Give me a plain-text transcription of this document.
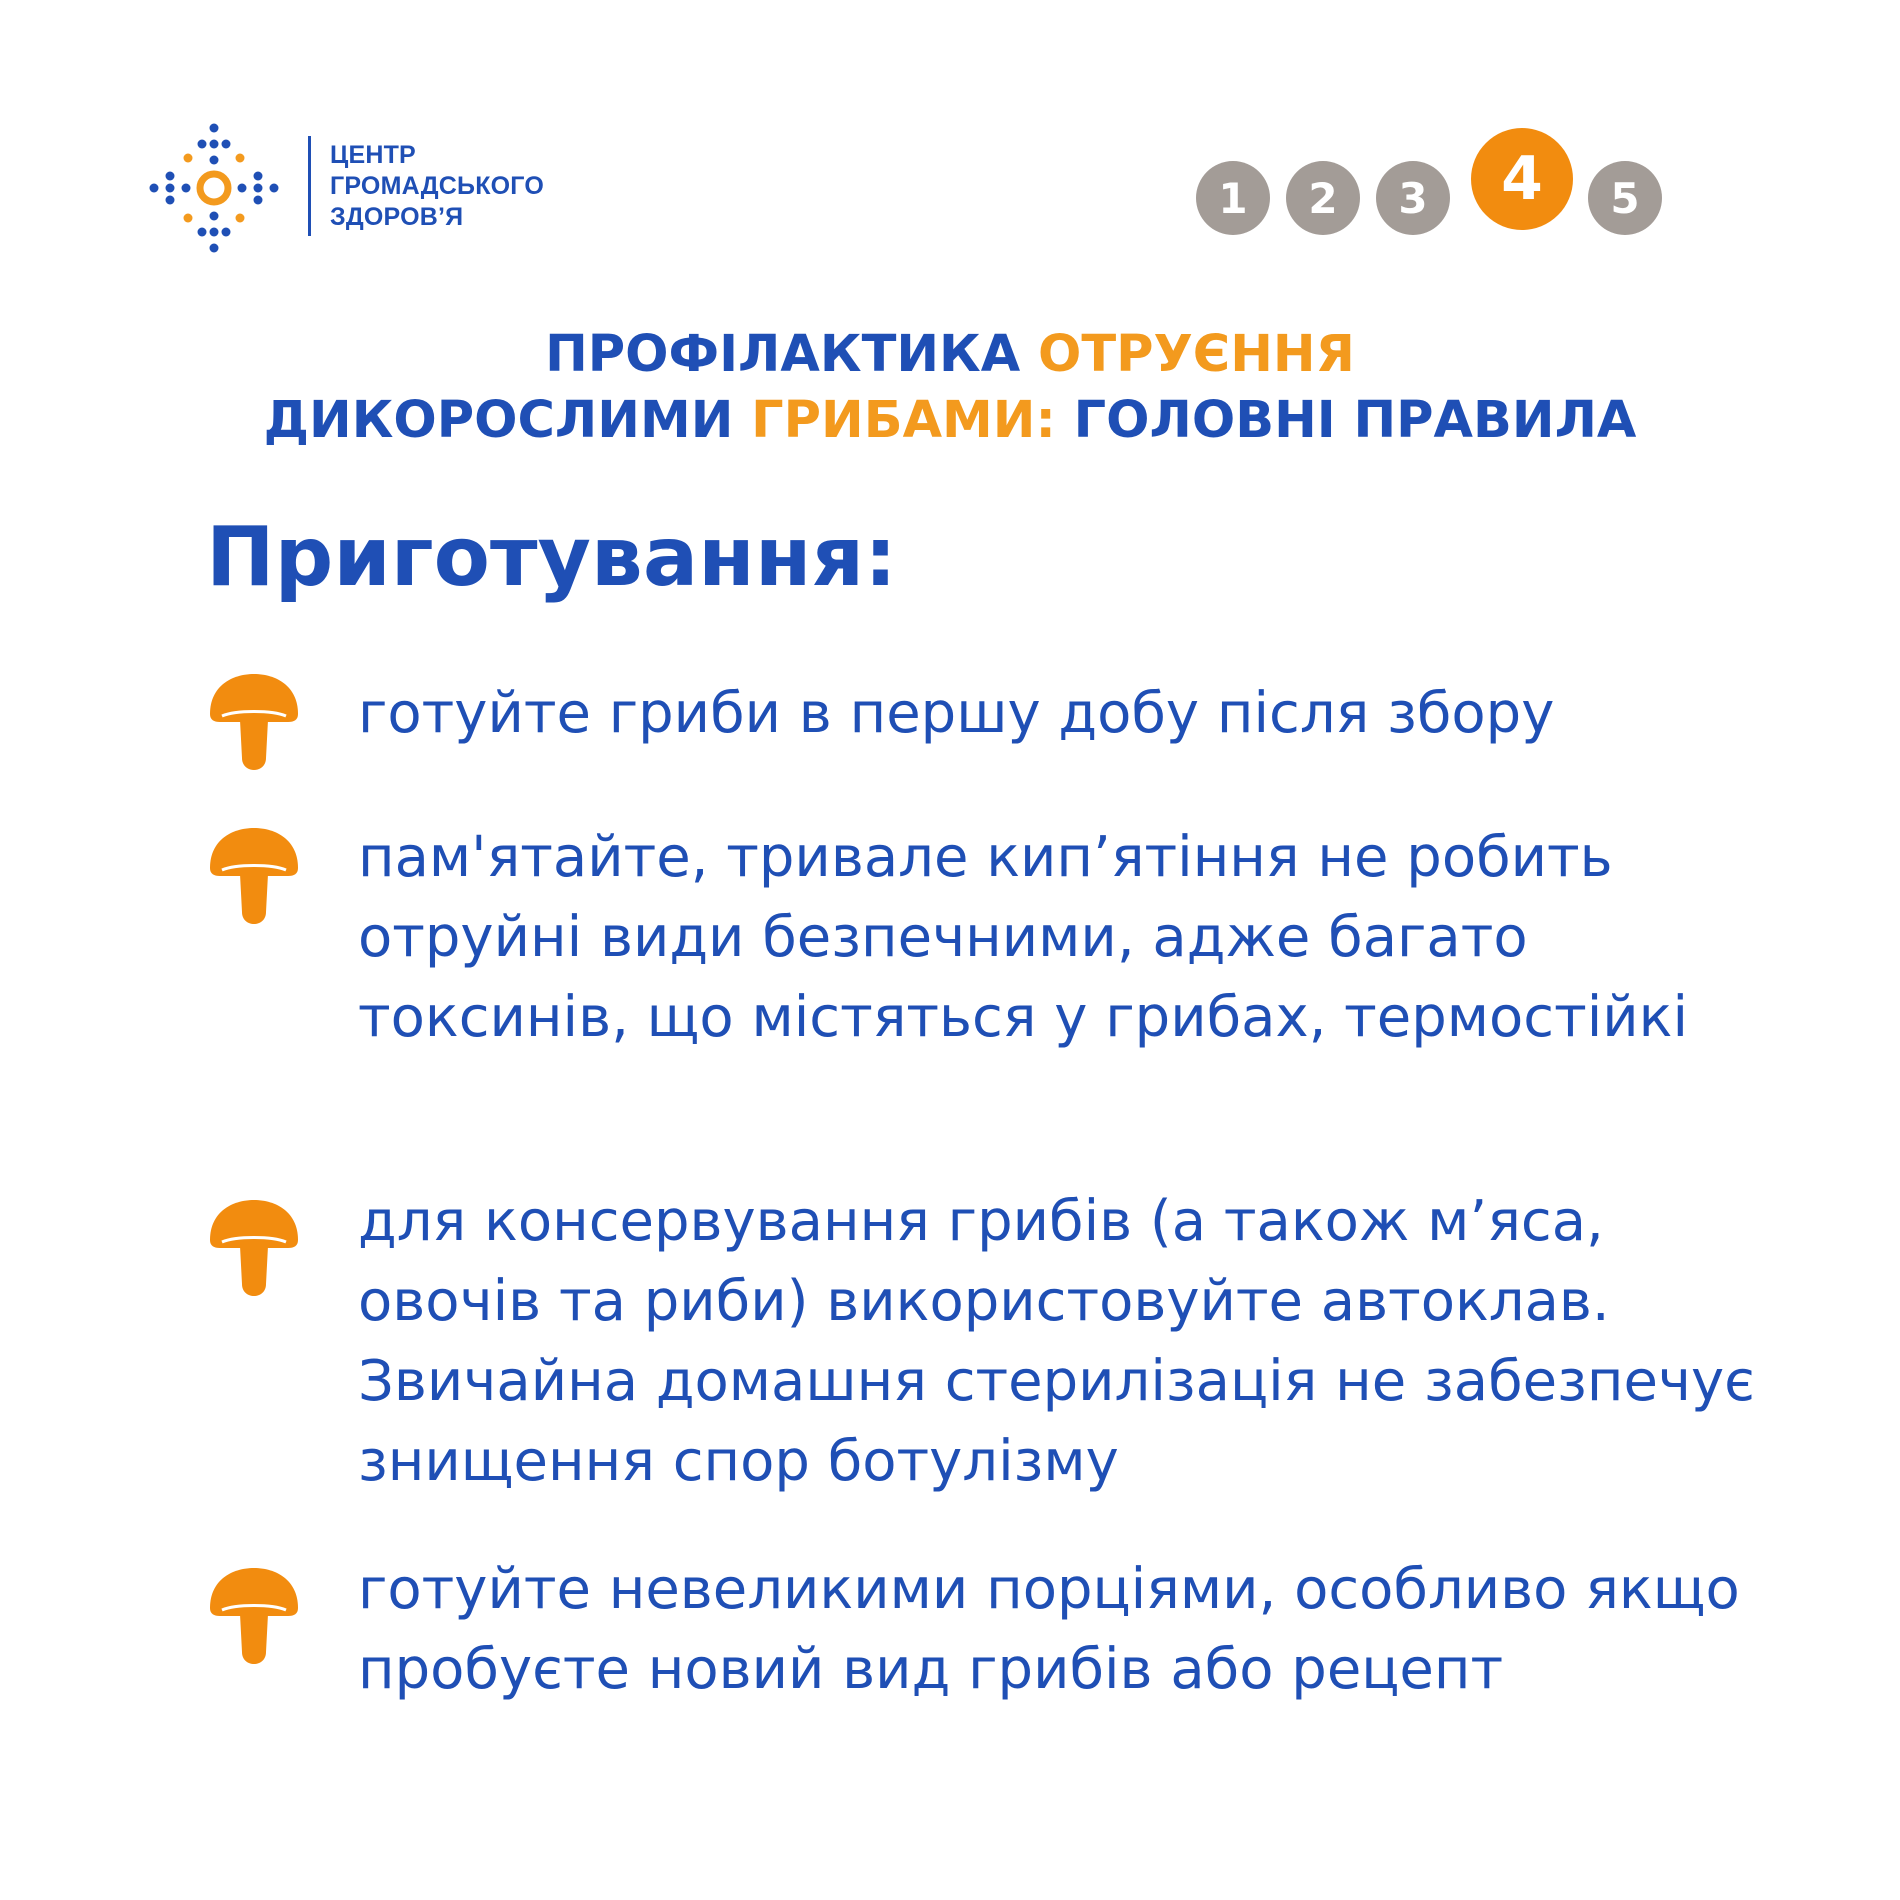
ЦЕНТР
ГРОМАДСЬКОГО
ЗДОРОВ’Я	1	2	3	4	5
ПРОФІЛАКТИКА ОТРУЄННЯ
ДИКОРОСЛИМИ ГРИБАМИ: ГОЛОВНІ ПРАВИЛА
Приготування:
готуйте гриби в першу добу після збору
пам'ятайте, тривале кип’ятіння не робить отруйні види безпечними, адже багато токсинів, що містяться у грибах, термостійкі
для консервування грибів (а також м’яса, овочів та риби) використовуйте автоклав. Звичайна домашня стерилізація не забезпечує знищення спор ботулізму
готуйте невеликими порціями, особливо якщо пробуєте новий вид грибів або рецепт
